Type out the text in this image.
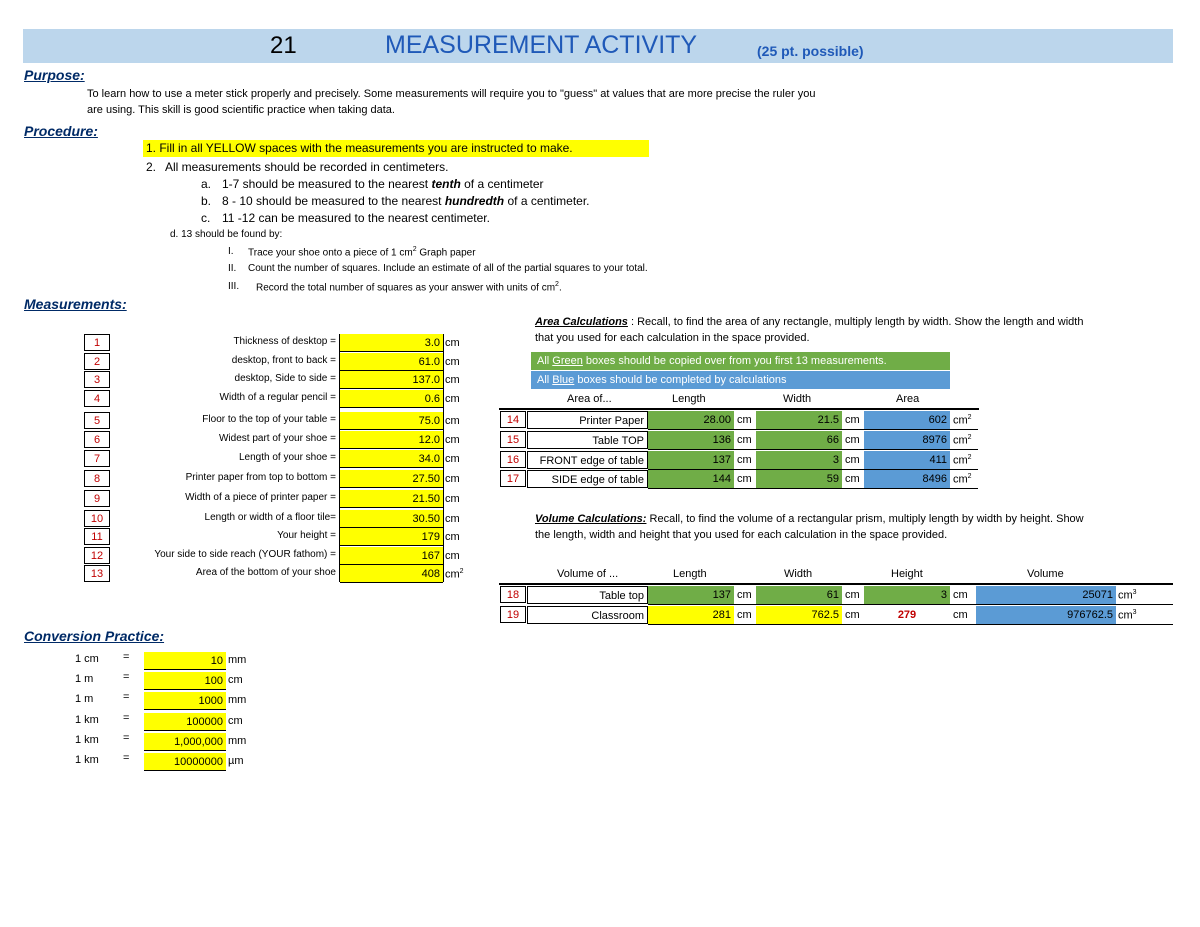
21	MEASUREMENT ACTIVITY	(25 pt. possible)
Purpose:
To learn how to use a meter stick properly and precisely. Some measurements will require you to "guess" at values that are more precise the ruler you
are using. This skill is good scientific practice when taking data.
Procedure:
1. Fill in all YELLOW spaces with the measurements you are instructed to make.
2. All measurements should be recorded in centimeters.
a. 1-7 should be measured to the nearest tenth of a centimeter
b. 8 - 10 should be measured to the nearest hundredth of a centimeter.
c. 11 -12 can be measured to the nearest centimeter.
d. 13 should be found by:
I. Trace your shoe onto a piece of 1 $cm^2$ Graph paper
II. Count the number of squares. Include an estimate of all of the partial squares to your total.
III. Record the total number of squares as your answer with units of $cm^2$.
Measurements:
1	Thickness of desktop =	3.0 cm
2	desktop, front to back =	61.0 cm
3	desktop, Side to side =	137.0 cm
4	Width of a regular pencil =	0.6 cm
5	Floor to the top of your table =	75.0 cm
6	Widest part of your shoe =	12.0 cm
7	Length of your shoe =	34.0 cm
8	Printer paper from top to bottom =	27.50 cm
9	Width of a piece of printer paper =	21.50 cm
10	Length or width of a floor tile=	30.50 cm
11	Your height =	179 cm
12	Your side to side reach (YOUR fathom) =	167 cm
13	Area of the bottom of your shoe	408 $cm^2$
Area Calculations : Recall, to find the area of any rectangle, multiply length by width. Show the length and width
that you used for each calculation in the space provided.
All Green boxes should be copied over from you first 13 measurements.
All Blue boxes should be completed by calculations
Area of...	Length	Width	Area
14	Printer Paper	28.00 cm	21.5 cm	602 $cm^2$
15	Table TOP	136 cm	66 cm	8976 $cm^2$
16	FRONT edge of table	137 cm	3 cm	411 $cm^2$
17	SIDE edge of table	144 cm	59 cm	8496 $cm^2$
Volume Calculations: Recall, to find the volume of a rectangular prism, multiply length by width by height. Show
the length, width and height that you used for each calculation in the space provided.
Volume of ...	Length	Width	Height	Volume
18	Table top	137 cm	61 cm	3 cm	25071 $cm^3$
19	Classroom	281 cm	762.5 cm	279	cm	976762.5 $cm^3$
Conversion Practice:
1 cm =	10 mm
1 m	=	100 cm
1 m	=	1000 mm
1 km =	100000 cm
1 km =	1,000,000 mm
1 km =	10000000 µm
